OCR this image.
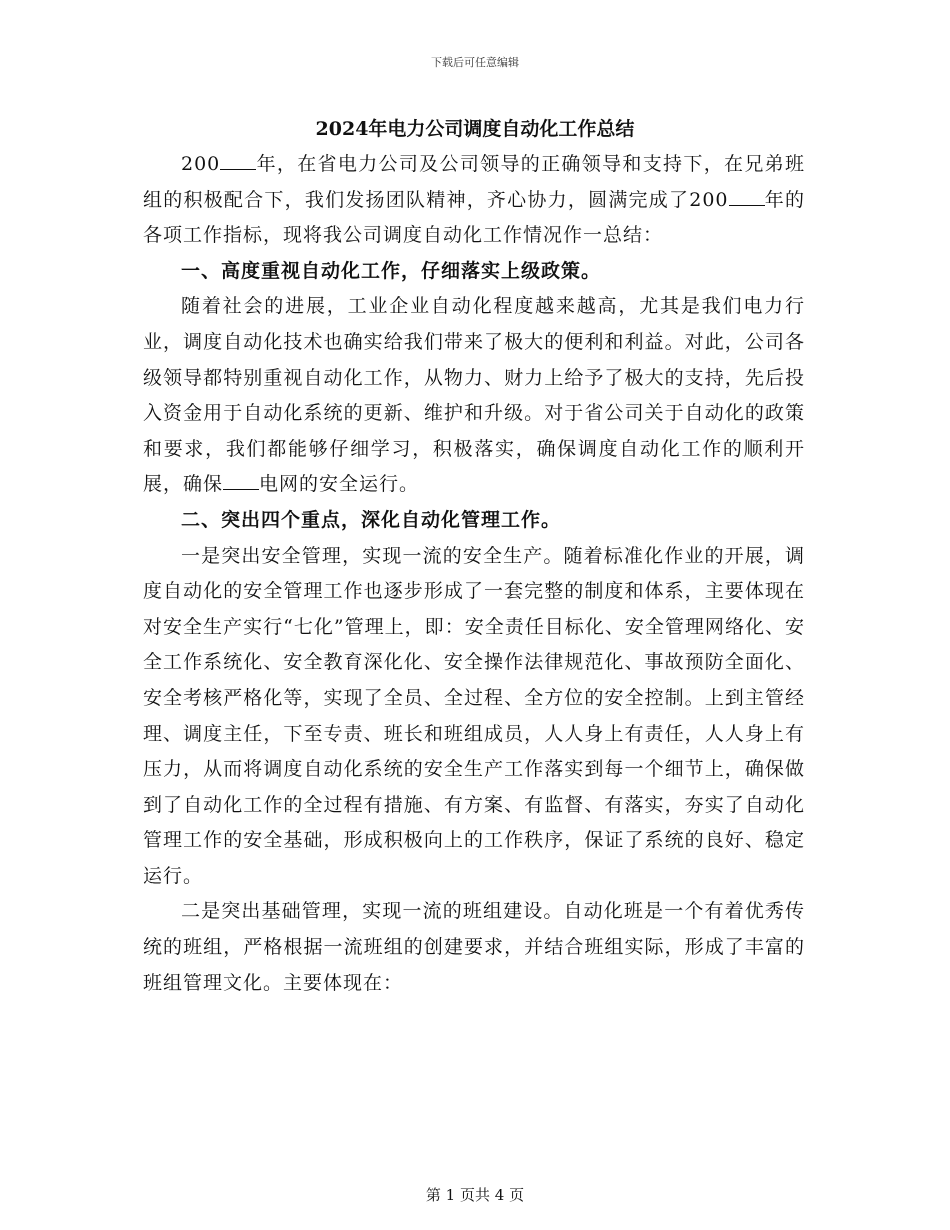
下载后可任意编辑
2024年电力公司调度自动化工作总结

200 年，在省电力公司及公司领导的正确领导和支持下，在兄弟班组的积极配合下，我们发扬团队精神，齐心协力，圆满完成了200 年的各项工作指标，现将我公司调度自动化工作情况作一总结：

一、高度重视自动化工作，仔细落实上级政策。

随着社会的进展，工业企业自动化程度越来越高，尤其是我们电力行业，调度自动化技术也确实给我们带来了极大的便利和利益。对此，公司各级领导都特别重视自动化工作，从物力、财力上给予了极大的支持，先后投入资金用于自动化系统的更新、维护和升级。对于省公司关于自动化的政策和要求，我们都能够仔细学习，积极落实，确保调度自动化工作的顺利开展，确保 电网的安全运行。

二、突出四个重点，深化自动化管理工作。

一是突出安全管理，实现一流的安全生产。随着标准化作业的开展，调度自动化的安全管理工作也逐步形成了一套完整的制度和体系，主要体现在对安全生产实行“七化”管理上，即：安全责任目标化、安全管理网络化、安全工作系统化、安全教育深化化、安全操作法律规范化、事故预防全面化、安全考核严格化等，实现了全员、全过程、全方位的安全控制。上到主管经理、调度主任，下至专责、班长和班组成员，人人身上有责任，人人身上有压力，从而将调度自动化系统的安全生产工作落实到每一个细节上，确保做到了自动化工作的全过程有措施、有方案、有监督、有落实，夯实了自动化管理工作的安全基础，形成积极向上的工作秩序，保证了系统的良好、稳定运行。

二是突出基础管理，实现一流的班组建设。自动化班是一个有着优秀传统的班组，严格根据一流班组的创建要求，并结合班组实际，形成了丰富的班组管理文化。主要体现在：

第 1 页共 4 页
